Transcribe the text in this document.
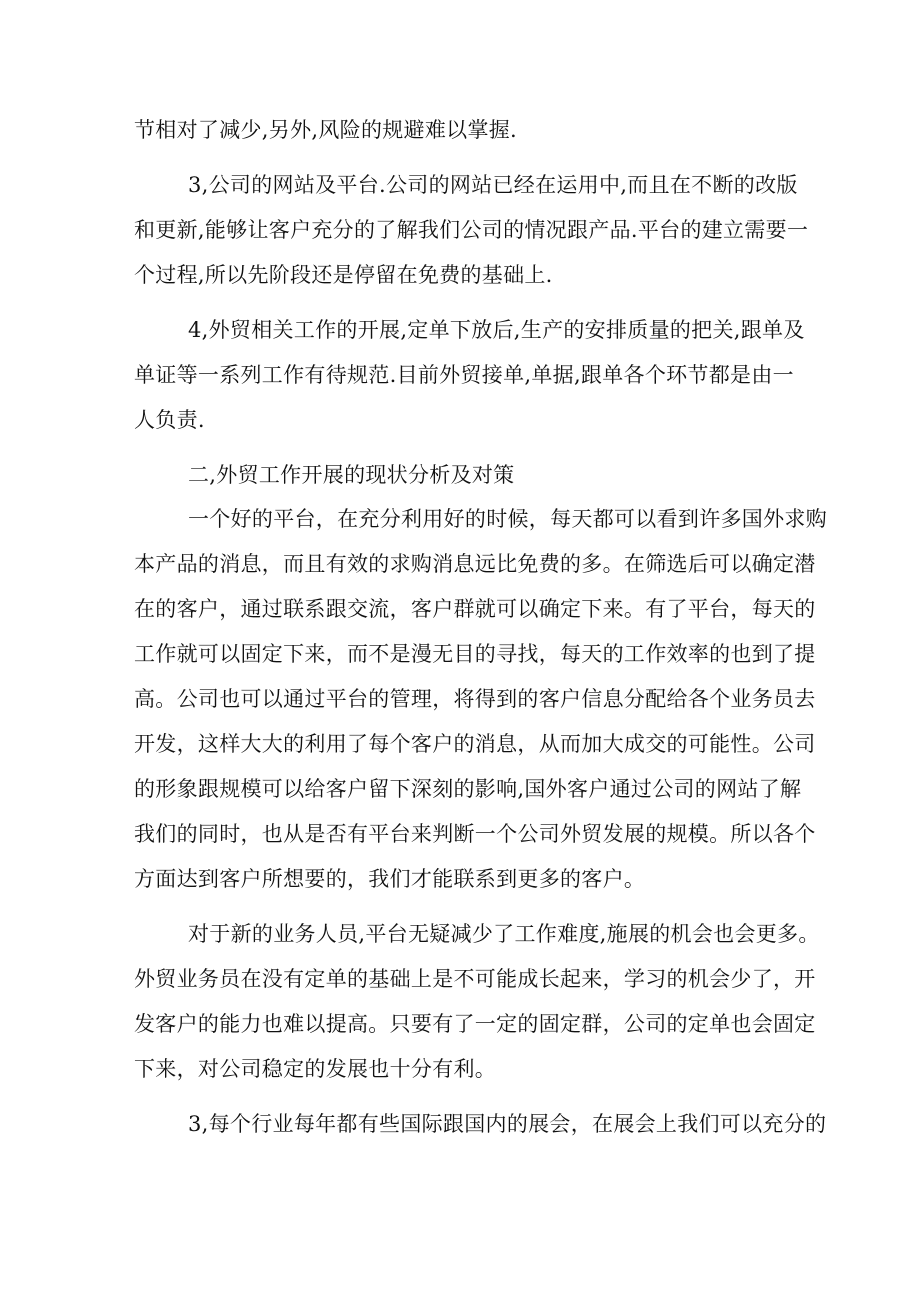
节相对了减少,另外,风险的规避难以掌握.
3,公司的网站及平台.公司的网站已经在运用中,而且在不断的改版
和更新,能够让客户充分的了解我们公司的情况跟产品.平台的建立需要一
个过程,所以先阶段还是停留在免费的基础上.
4,外贸相关工作的开展,定单下放后,生产的安排质量的把关,跟单及
单证等一系列工作有待规范.目前外贸接单,单据,跟单各个环节都是由一
人负责.
二,外贸工作开展的现状分析及对策
一个好的平台，在充分利用好的时候，每天都可以看到许多国外求购
本产品的消息，而且有效的求购消息远比免费的多。在筛选后可以确定潜
在的客户，通过联系跟交流，客户群就可以确定下来。有了平台，每天的
工作就可以固定下来，而不是漫无目的寻找，每天的工作效率的也到了提
高。公司也可以通过平台的管理，将得到的客户信息分配给各个业务员去
开发，这样大大的利用了每个客户的消息，从而加大成交的可能性。公司
的形象跟规模可以给客户留下深刻的影响,国外客户通过公司的网站了解
我们的同时，也从是否有平台来判断一个公司外贸发展的规模。所以各个
方面达到客户所想要的，我们才能联系到更多的客户。
对于新的业务人员,平台无疑减少了工作难度,施展的机会也会更多。
外贸业务员在没有定单的基础上是不可能成长起来，学习的机会少了，开
发客户的能力也难以提高。只要有了一定的固定群，公司的定单也会固定
下来，对公司稳定的发展也十分有利。
3,每个行业每年都有些国际跟国内的展会，在展会上我们可以充分的
